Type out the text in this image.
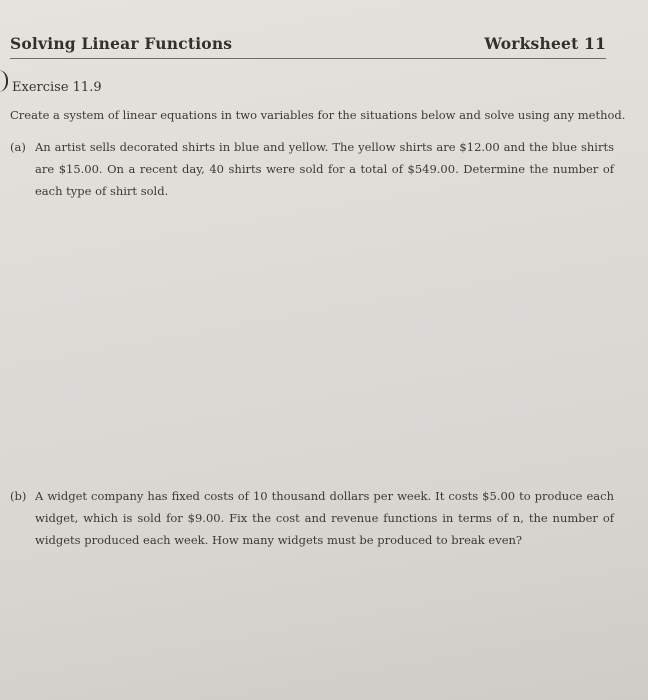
Solving Linear Functions	Worksheet 11
Exercise 11.9
Create a system of linear equations in two variables for the situations below and solve using any method.
(a) An artist sells decorated shirts in blue and yellow. The yellow shirts are $12.00 and the blue shirts are $15.00. On a recent day, 40 shirts were sold for a total of $549.00. Determine the number of each type of shirt sold.
(b) A widget company has fixed costs of 10 thousand dollars per week. It costs $5.00 to produce each widget, which is sold for $9.00. Fix the cost and revenue functions in terms of n, the number of widgets produced each week. How many widgets must be produced to break even?
